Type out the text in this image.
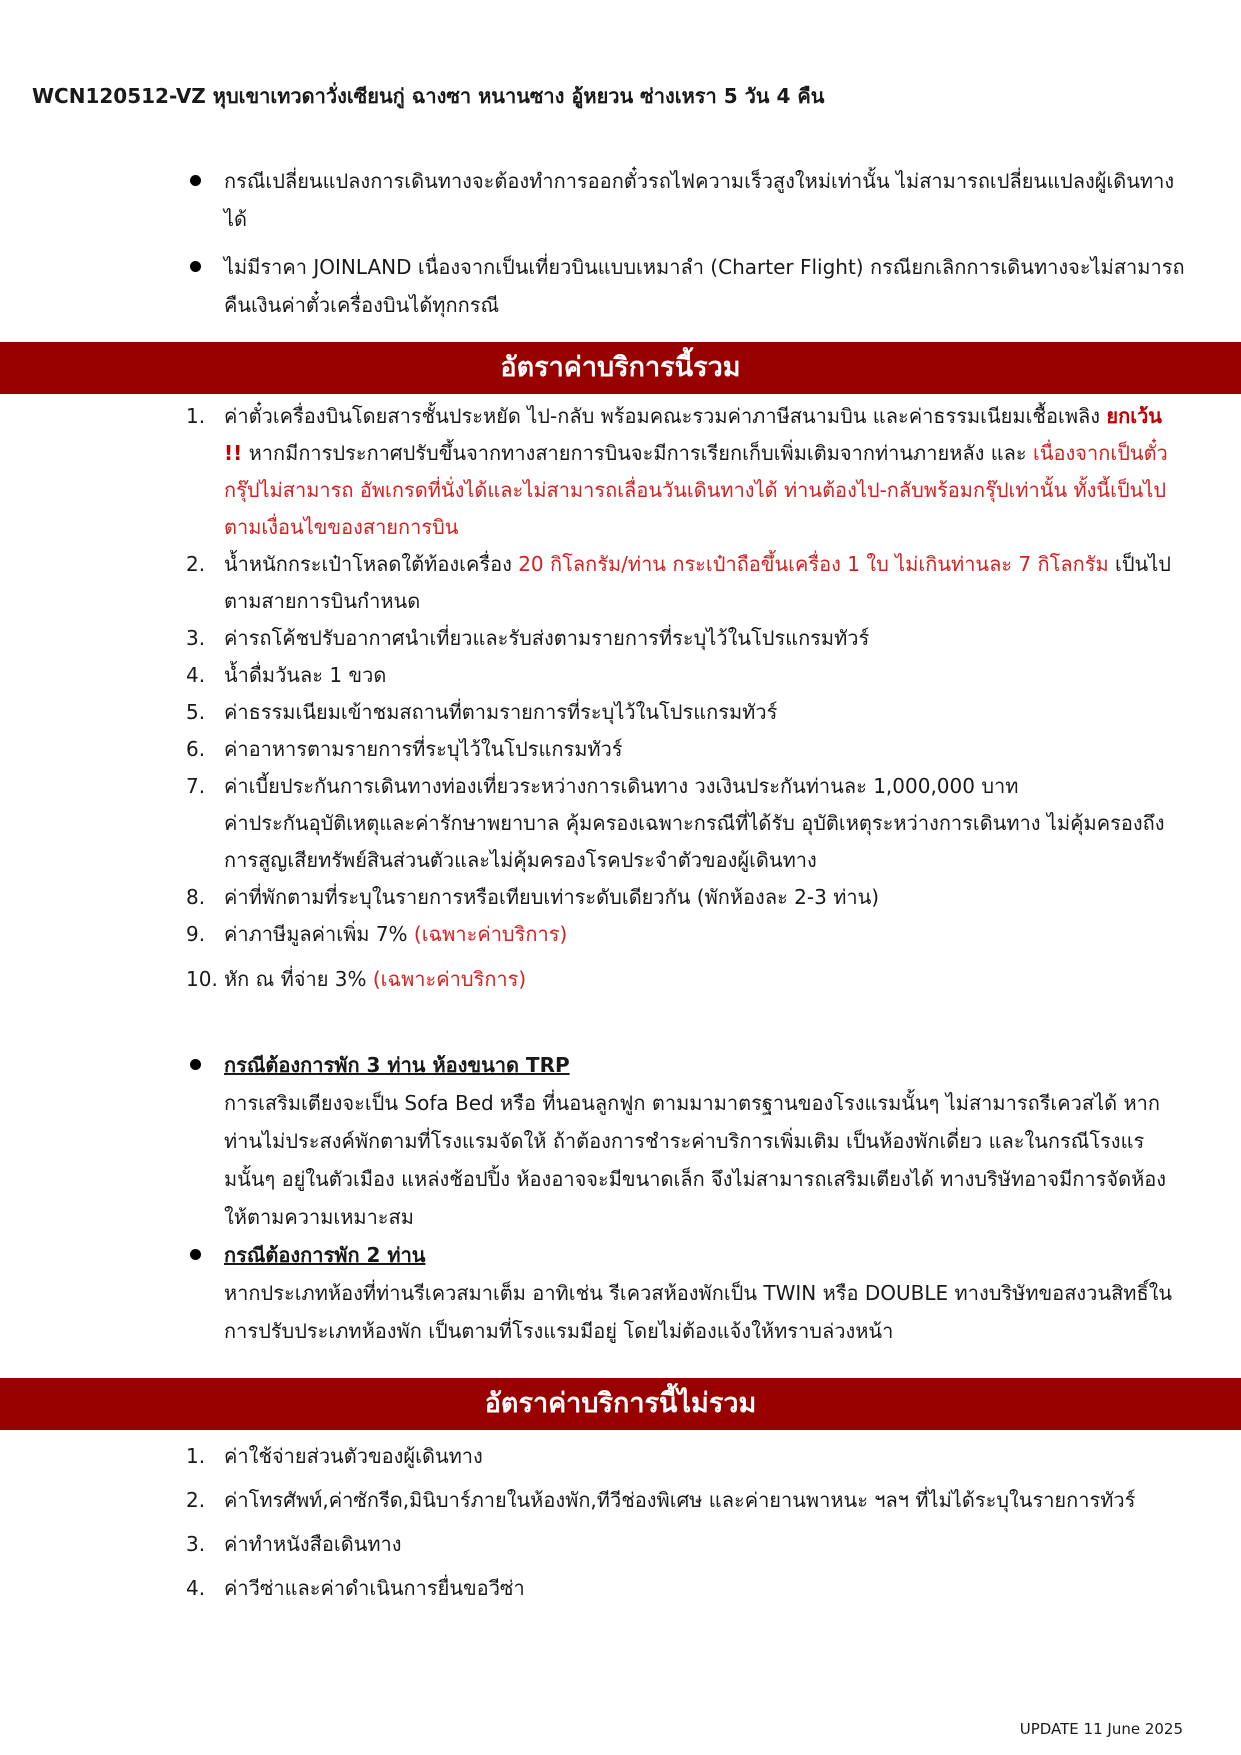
WCN120512-VZ หุบเขาเทวดาวั่งเซียนกู่ ฉางซา หนานซาง อู้หยวน ซ่างเหรา 5 วัน 4 คืน
กรณีเปลี่ยนแปลงการเดินทางจะต้องทำการออกตั๋วรถไฟความเร็วสูงใหม่เท่านั้น ไม่สามารถเปลี่ยนแปลงผู้เดินทางได้
ไม่มีราคา JOINLAND เนื่องจากเป็นเที่ยวบินแบบเหมาลำ (Charter Flight) กรณียกเลิกการเดินทางจะไม่สามารถคืนเงินค่าตั๋วเครื่องบินได้ทุกกรณี
อัตราค่าบริการนี้รวม
1. ค่าตั๋วเครื่องบินโดยสารชั้นประหยัด ไป-กลับ พร้อมคณะรวมค่าภาษีสนามบิน และค่าธรรมเนียมเชื้อเพลิง ยกเว้น !! หากมีการประกาศปรับขึ้นจากทางสายการบินจะมีการเรียกเก็บเพิ่มเติมจากท่านภายหลัง และ เนื่องจากเป็นตั๋วกรุ๊ปไม่สามารถ อัพเกรดที่นั่งได้และไม่สามารถเลื่อนวันเดินทางได้ ท่านต้องไป-กลับพร้อมกรุ๊ปเท่านั้น ทั้งนี้เป็นไปตามเงื่อนไขของสายการบิน
2. น้ำหนักกระเป๋าโหลดใต้ท้องเครื่อง 20 กิโลกรัม/ท่าน กระเป๋าถือขึ้นเครื่อง 1 ใบ ไม่เกินท่านละ 7 กิโลกรัม เป็นไปตามสายการบินกำหนด
3. ค่ารถโค้ชปรับอากาศนำเที่ยวและรับส่งตามรายการที่ระบุไว้ในโปรแกรมทัวร์
4. น้ำดื่มวันละ 1 ขวด
5. ค่าธรรมเนียมเข้าชมสถานที่ตามรายการที่ระบุไว้ในโปรแกรมทัวร์
6. ค่าอาหารตามรายการที่ระบุไว้ในโปรแกรมทัวร์
7. ค่าเบี้ยประกันการเดินทางท่องเที่ยวระหว่างการเดินทาง วงเงินประกันท่านละ 1,000,000 บาท
ค่าประกันอุบัติเหตุและค่ารักษาพยาบาล คุ้มครองเฉพาะกรณีที่ได้รับ อุบัติเหตุระหว่างการเดินทาง ไม่คุ้มครองถึงการสูญเสียทรัพย์สินส่วนตัวและไม่คุ้มครองโรคประจำตัวของผู้เดินทาง
8. ค่าที่พักตามที่ระบุในรายการหรือเทียบเท่าระดับเดียวกัน (พักห้องละ 2-3 ท่าน)
9. ค่าภาษีมูลค่าเพิ่ม 7% (เฉพาะค่าบริการ)
10. หัก ณ ที่จ่าย 3% (เฉพาะค่าบริการ)
กรณีต้องการพัก 3 ท่าน ห้องขนาด TRP
การเสริมเตียงจะเป็น Sofa Bed หรือ ที่นอนลูกฟูก ตามมามาตรฐานของโรงแรมนั้นๆ ไม่สามารถรีเควสได้ หากท่านไม่ประสงค์พักตามที่โรงแรมจัดให้ ถ้าต้องการชำระค่าบริการเพิ่มเติม เป็นห้องพักเดี่ยว และในกรณีโรงแรมนั้นๆ อยู่ในตัวเมือง แหล่งช้อปปิ้ง ห้องอาจจะมีขนาดเล็ก จึงไม่สามารถเสริมเตียงได้ ทางบริษัทอาจมีการจัดห้องให้ตามความเหมาะสม
กรณีต้องการพัก 2 ท่าน
หากประเภทห้องที่ท่านรีเควสมาเต็ม อาทิเช่น รีเควสห้องพักเป็น TWIN หรือ DOUBLE ทางบริษัทขอสงวนสิทธิ์ในการปรับประเภทห้องพัก เป็นตามที่โรงแรมมีอยู่ โดยไม่ต้องแจ้งให้ทราบล่วงหน้า
อัตราค่าบริการนี้ไม่รวม
1. ค่าใช้จ่ายส่วนตัวของผู้เดินทาง
2. ค่าโทรศัพท์,ค่าซักรีด,มินิบาร์ภายในห้องพัก,ทีวีช่องพิเศษ และค่ายานพาหนะ ฯลฯ ที่ไม่ได้ระบุในรายการทัวร์
3. ค่าทำหนังสือเดินทาง
4. ค่าวีซ่าและค่าดำเนินการยื่นขอวีซ่า
UPDATE 11 June 2025
